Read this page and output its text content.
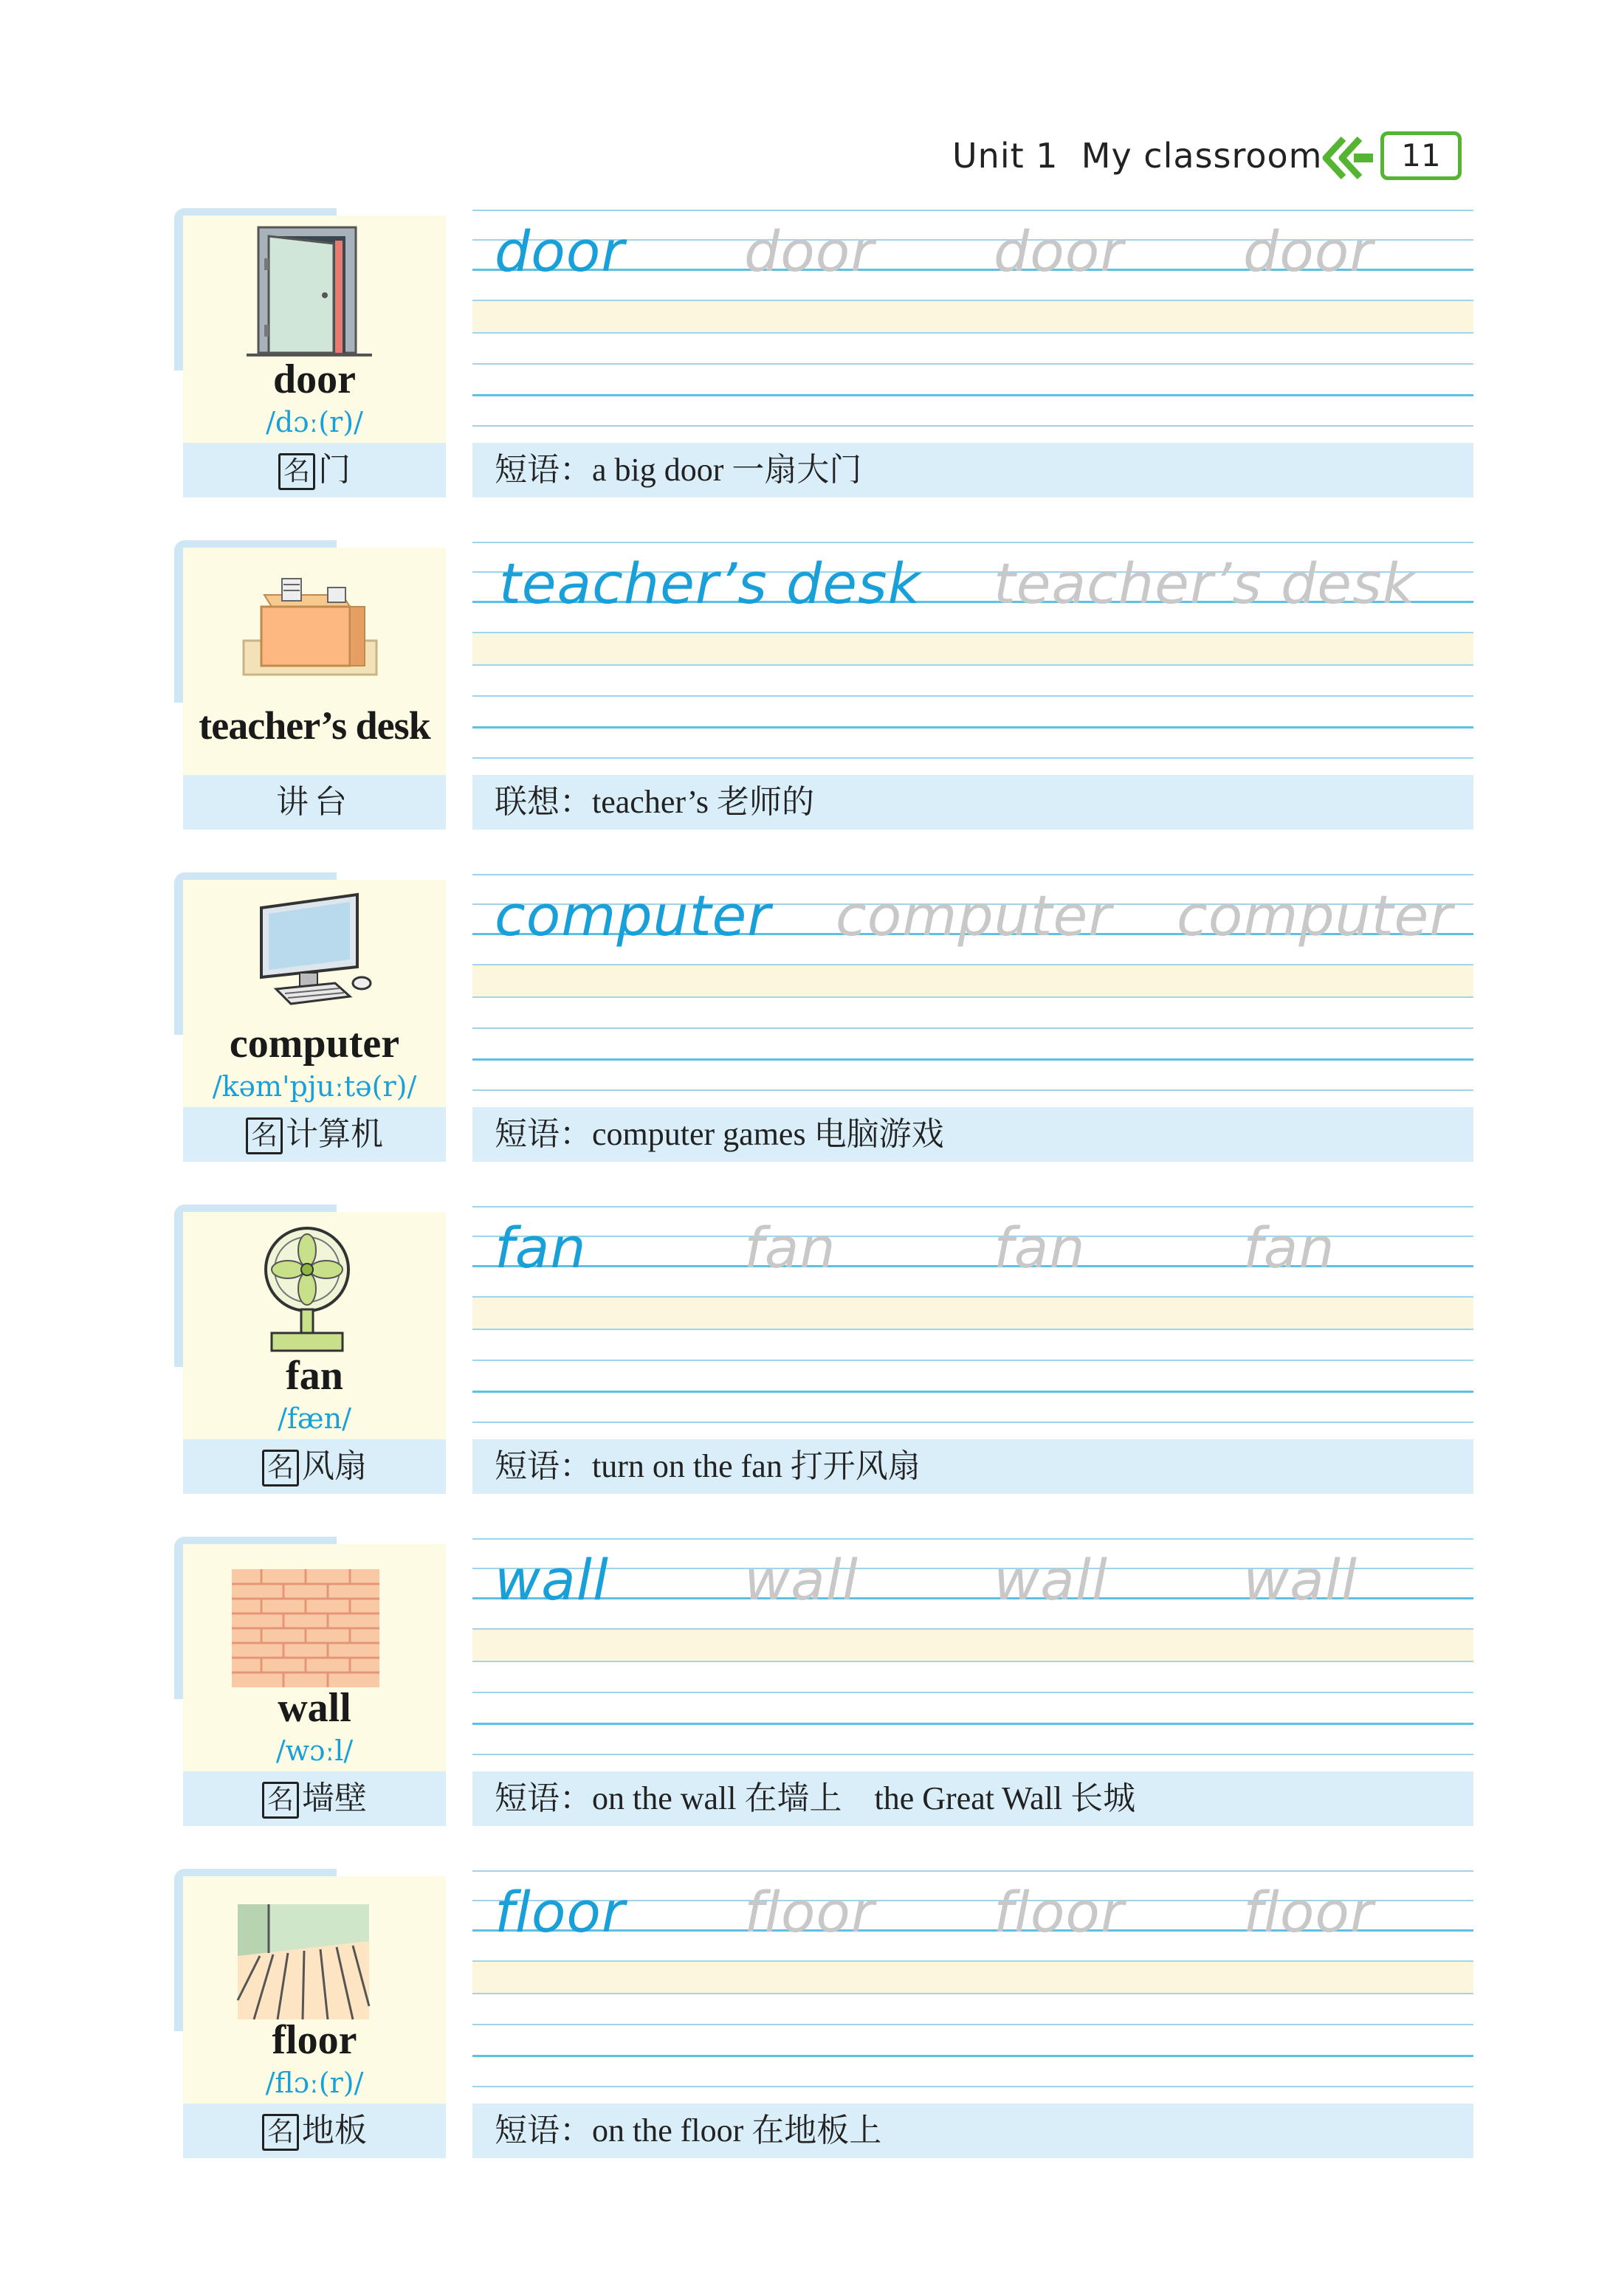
Unit 1  My classroom	11
door
/dɔː(r)/
名 门
door door door door
短语：a big door 一扇大门
teacher’s desk
讲台
teacher’s desk teacher’s desk
联想：teacher’s 老师的
computer
/kəm'pjuːtə(r)/
名 计算机
computer computer computer
短语：computer games 电脑游戏
fan
/fæn/
名 风扇
fan	fan	fan	fan
短语：turn on the fan 打开风扇
wall
/wɔːl/
名 墙壁
wall wall wall wall
短语：on the wall 在墙上    the Great Wall 长城
floor
/flɔː(r)/
名 地板
floor floor floor floor
短语：on the floor 在地板上
